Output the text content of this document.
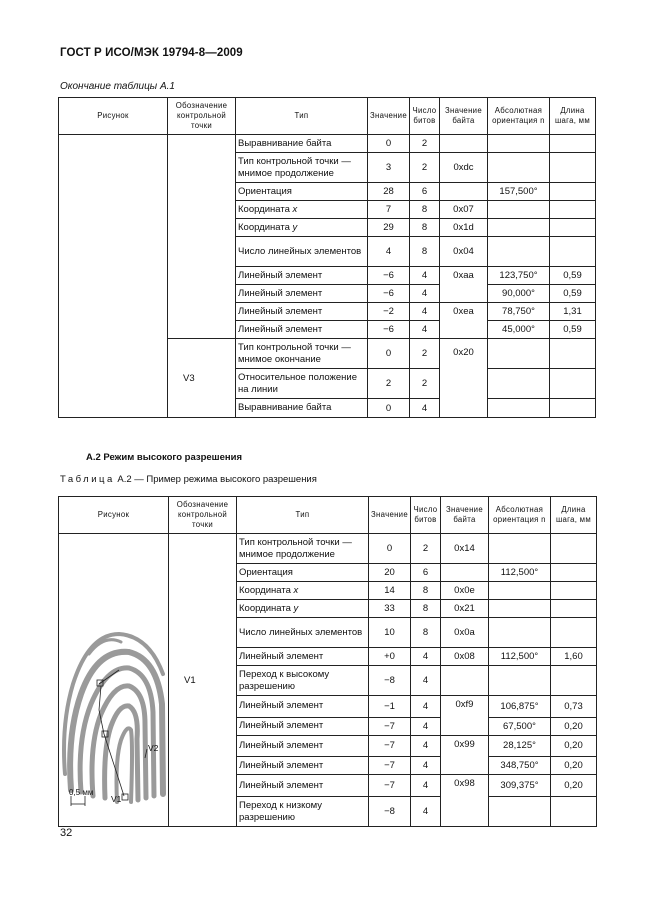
ГОСТ Р ИСО/МЭК 19794-8—2009
Окончание таблицы А.1
Рисунок	Обозначение контрольной точки	Тип	Значение	Число битов	Значение байта	Абсолютная ориентация n	Длина шага, мм
		Выравнивание байта	0	2			
		Тип контрольной точки — мнимое продолжение	3	2	0xdc		
		Ориентация	28	6		157,500°	
		Координата x	7	8	0x07		
		Координата y	29	8	0x1d		
		Число линейных элементов	4	8	0x04		
		Линейный элемент	−6	4	0xaa	123,750°	0,59
		Линейный элемент	−6	4		90,000°	0,59
		Линейный элемент	−2	4	0xea	78,750°	1,31
		Линейный элемент	−6	4		45,000°	0,59
	V3	Тип контрольной точки — мнимое окончание	0	2	0x20		
		Относительное положение на линии	2	2			
		Выравнивание байта	0	4			
А.2 Режим высокого разрешения
Таблица А.2 — Пример режима высокого разрешения
Рисунок	Обозначение контрольной точки	Тип	Значение	Число битов	Значение байта	Абсолютная ориентация n	Длина шага, мм

V2
V1
0,5 мм	V1	Тип контрольной точки — мнимое продолжение	0	2	0x14		
		Ориентация	20	6		112,500°	
		Координата x	14	8	0x0e		
		Координата y	33	8	0x21		
		Число линейных элементов	10	8	0x0a		
		Линейный элемент	+0	4	0x08	112,500°	1,60
		Переход к высокому разрешению	−8	4			
		Линейный элемент	−1	4	0xf9	106,875°	0,73
		Линейный элемент	−7	4		67,500°	0,20
		Линейный элемент	−7	4	0x99	28,125°	0,20
		Линейный элемент	−7	4		348,750°	0,20
		Линейный элемент	−7	4	0x98	309,375°	0,20
		Переход к низкому разрешению	−8	4			
32
